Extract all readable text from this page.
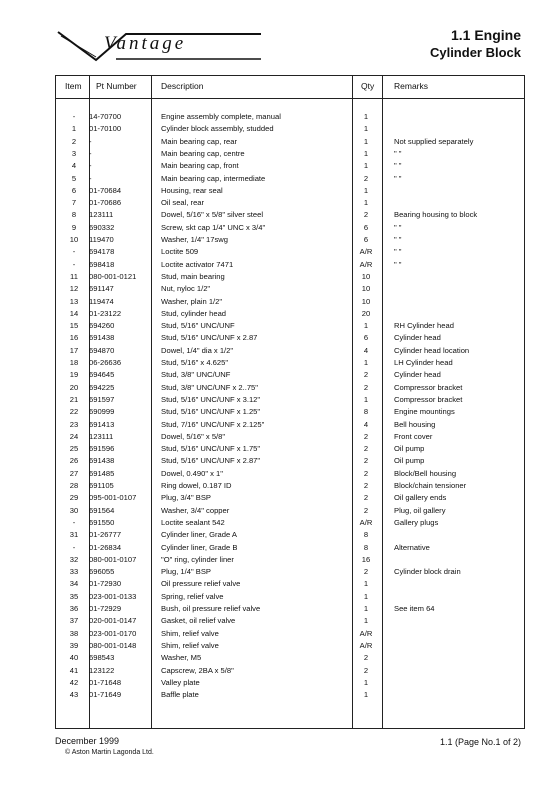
Vantage	1.1 Engine
Cylinder Block
Item Pt Number	Description	Qty Remarks
-	14-70700	Engine assembly complete, manual	1
1	01-70100	Cylinder block assembly, studded	1
2	-	Main bearing cap, rear	1	Not supplied separately
3	-	Main bearing cap, centre	1	" "
4	-	Main bearing cap, front	1	" "
5	-	Main bearing cap, intermediate	2	" "
6	01-70684	Housing, rear seal	1
7	01-70686	Oil seal, rear	1
8	123111	Dowel, 5/16" x 5/8" silver steel	2	Bearing housing to block
9	690332	Screw, skt cap 1/4" UNC x 3/4"	6	" "
10	119470	Washer, 1/4" 17swg	6	" "
-	694178	Loctite 509	A/R	" "
-	698418	Loctite activator 7471	A/R	" "
11	080-001-0121	Stud, main bearing	10
12	691147	Nut, nyloc 1/2"	10
13	119474	Washer, plain 1/2"	10
14	01-23122	Stud, cylinder head	20
15	694260	Stud, 5/16" UNC/UNF	1	RH Cylinder head
16	691438	Stud, 5/16" UNC/UNF x 2.87	6	Cylinder head
17	694870	Dowel, 1/4" dia x 1/2"	4	Cylinder head location
18	06-26636	Stud, 5/16" x 4.625"	1	LH Cylinder head
19	694645	Stud, 3/8" UNC/UNF	2	Cylinder head
20	694225	Stud, 3/8" UNC/UNF x 2..75"	2	Compressor bracket
21	691597	Stud, 5/16" UNC/UNF x 3.12"	1	Compressor bracket
22	690999	Stud, 5/16" UNC/UNF x 1.25"	8	Engine mountings
23	691413	Stud, 7/16" UNC/UNF x 2.125"	4	Bell housing
24	123111	Dowel, 5/16" x 5/8"	2	Front cover
25	691596	Stud, 5/16" UNC/UNF x 1.75"	2	Oil pump
26	691438	Stud, 5/16" UNC/UNF x 2.87"	2	Oil pump
27	691485	Dowel, 0.490" x 1"	2	Block/Bell housing
28	691105	Ring dowel, 0.187 ID	2	Block/chain tensioner
29	095-001-0107	Plug, 3/4" BSP	2	Oil gallery ends
30	691564	Washer, 3/4" copper	2	Plug, oil gallery
-	691550	Loctite sealant 542	A/R	Gallery plugs
31	01-26777	Cylinder liner, Grade A	8
-	01-26834	Cylinder liner, Grade B	8	Alternative
32	080-001-0107	"O" ring, cylinder liner	16
33	696055	Plug, 1/4" BSP	2	Cylinder block drain
34	01-72930	Oil pressure relief valve	1
35	023-001-0133	Spring, relief valve	1
36	01-72929	Bush, oil pressure relief valve	1	See item 64
37	020-001-0147	Gasket, oil relief valve	1
38	023-001-0170	Shim, relief valve	A/R
39	080-001-0148	Shim, relief valve	A/R
40	698543	Washer, M5	2
41	123122	Capscrew, 2BA x 5/8"	2
42	01-71648	Valley plate	1
43	01-71649	Baffle plate	1
December 1999
© Aston Martin Lagonda Ltd.
1.1 (Page No.1 of 2)
